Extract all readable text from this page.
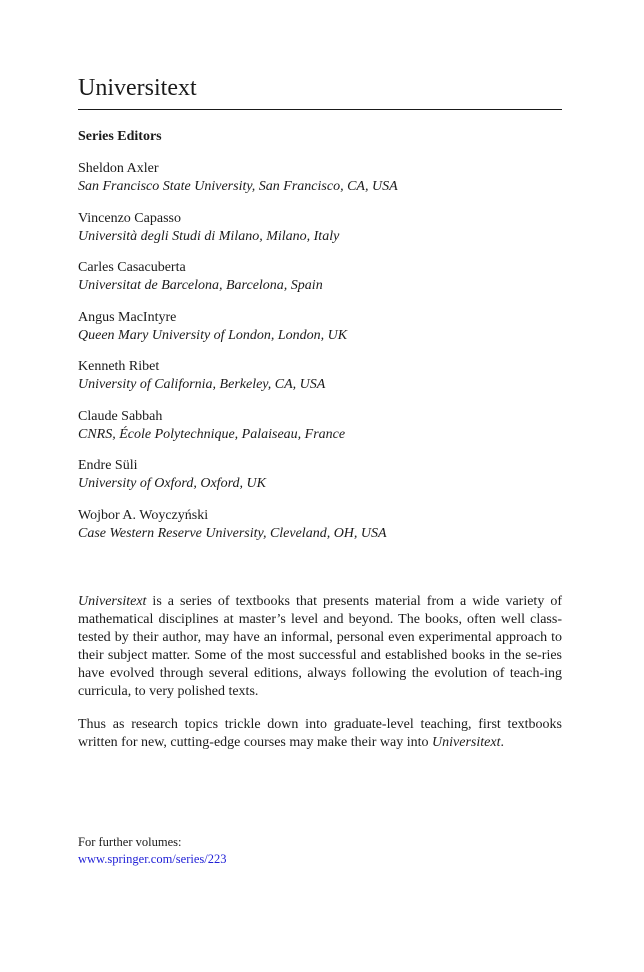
Universitext
Series Editors
Sheldon Axler
San Francisco State University, San Francisco, CA, USA
Vincenzo Capasso
Università degli Studi di Milano, Milano, Italy
Carles Casacuberta
Universitat de Barcelona, Barcelona, Spain
Angus MacIntyre
Queen Mary University of London, London, UK
Kenneth Ribet
University of California, Berkeley, CA, USA
Claude Sabbah
CNRS, École Polytechnique, Palaiseau, France
Endre Süli
University of Oxford, Oxford, UK
Wojbor A. Woyczyński
Case Western Reserve University, Cleveland, OH, USA

Universitext is a series of textbooks that presents material from a wide variety of mathematical disciplines at master’s level and beyond. The books, often well class-tested by their author, may have an informal, personal even experimental approach to their subject matter. Some of the most successful and established books in the se-ries have evolved through several editions, always following the evolution of teach-ing curricula, to very polished texts.

Thus as research topics trickle down into graduate-level teaching, first textbooks written for new, cutting-edge courses may make their way into Universitext.

For further volumes:
www.springer.com/series/223
